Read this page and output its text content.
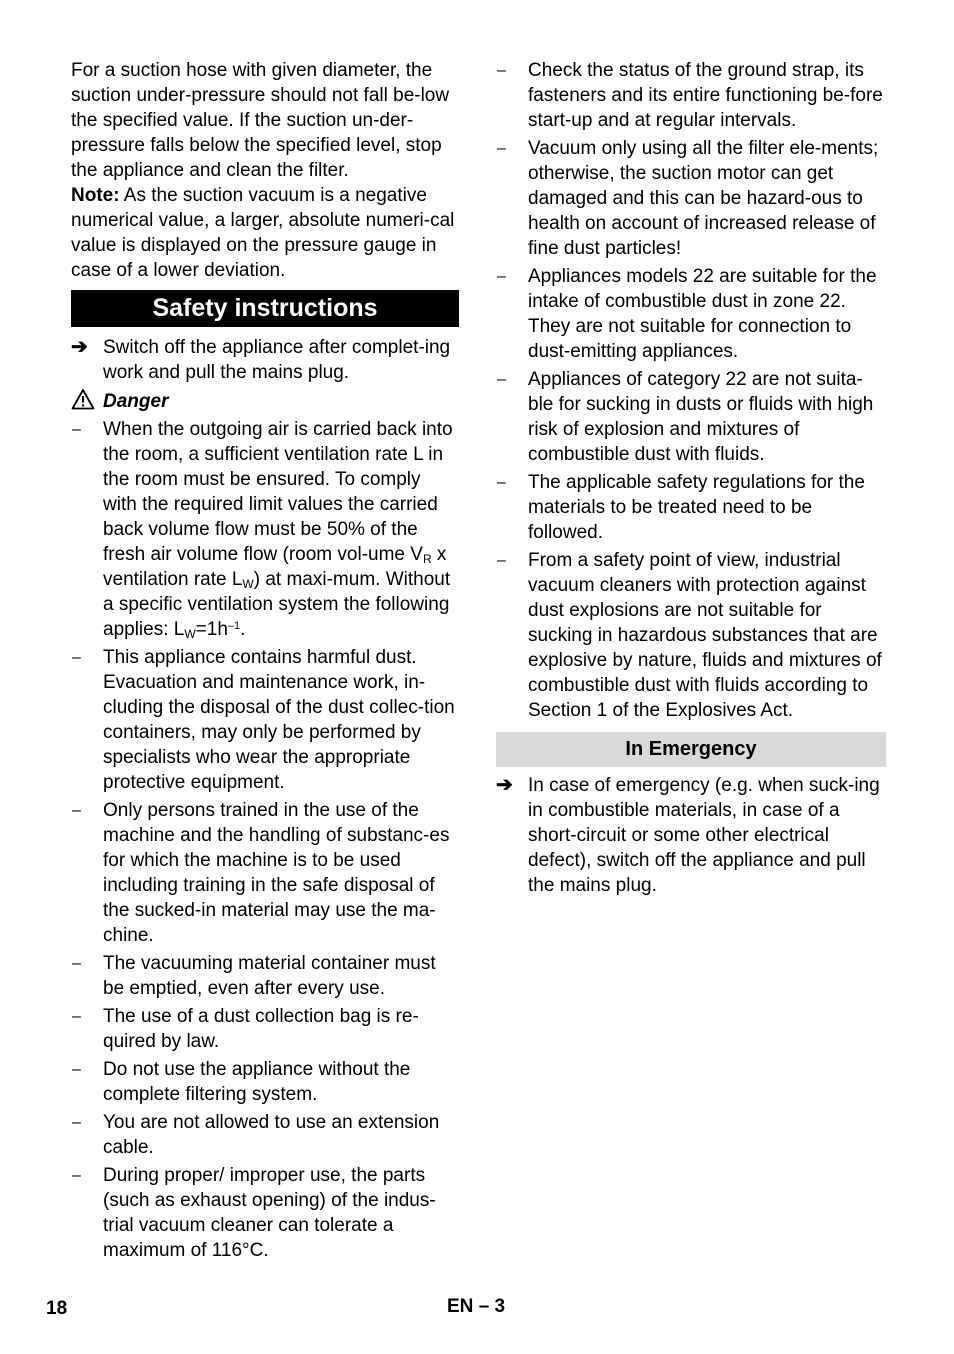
For a suction hose with given diameter, the suction under-pressure should not fall be-low the specified value. If the suction un-der-pressure falls below the specified level, stop the appliance and clean the filter.

Note: As the suction vacuum is a negative numerical value, a larger, absolute numeri-cal value is displayed on the pressure gauge in case of a lower deviation.

Safety instructions
➔ Switch off the appliance after complet-ing work and pull the mains plug.
Danger
– When the outgoing air is carried back into the room, a sufficient ventilation rate L in the room must be ensured. To comply with the required limit values the carried back volume flow must be 50% of the fresh air volume flow (room vol-ume $V_R$ x ventilation rate $L_W$) at maxi-mum. Without a specific ventilation system the following applies: $L_W=1h^{-1}$.
– This appliance contains harmful dust. Evacuation and maintenance work, in-cluding the disposal of the dust collec-tion containers, may only be performed by specialists who wear the appropriate protective equipment.
– Only persons trained in the use of the machine and the handling of substanc-es for which the machine is to be used including training in the safe disposal of the sucked-in material may use the ma-chine.
– The vacuuming material container must be emptied, even after every use.
– The use of a dust collection bag is re-quired by law.
– Do not use the appliance without the complete filtering system.
– You are not allowed to use an extension cable.
– During proper/ improper use, the parts (such as exhaust opening) of the indus-trial vacuum cleaner can tolerate a maximum of 116°C.
– Check the status of the ground strap, its fasteners and its entire functioning be-fore start-up and at regular intervals.
– Vacuum only using all the filter ele-ments; otherwise, the suction motor can get damaged and this can be hazard-ous to health on account of increased release of fine dust particles!
– Appliances models 22 are suitable for the intake of combustible dust in zone 22. They are not suitable for connection to dust-emitting appliances.
– Appliances of category 22 are not suita-ble for sucking in dusts or fluids with high risk of explosion and mixtures of combustible dust with fluids.
– The applicable safety regulations for the materials to be treated need to be followed.
– From a safety point of view, industrial vacuum cleaners with protection against dust explosions are not suitable for sucking in hazardous substances that are explosive by nature, fluids and mixtures of combustible dust with fluids according to Section 1 of the Explosives Act.
In Emergency
➔ In case of emergency (e.g. when suck-ing in combustible materials, in case of a short-circuit or some other electrical defect), switch off the appliance and pull the mains plug.
18	EN – 3
